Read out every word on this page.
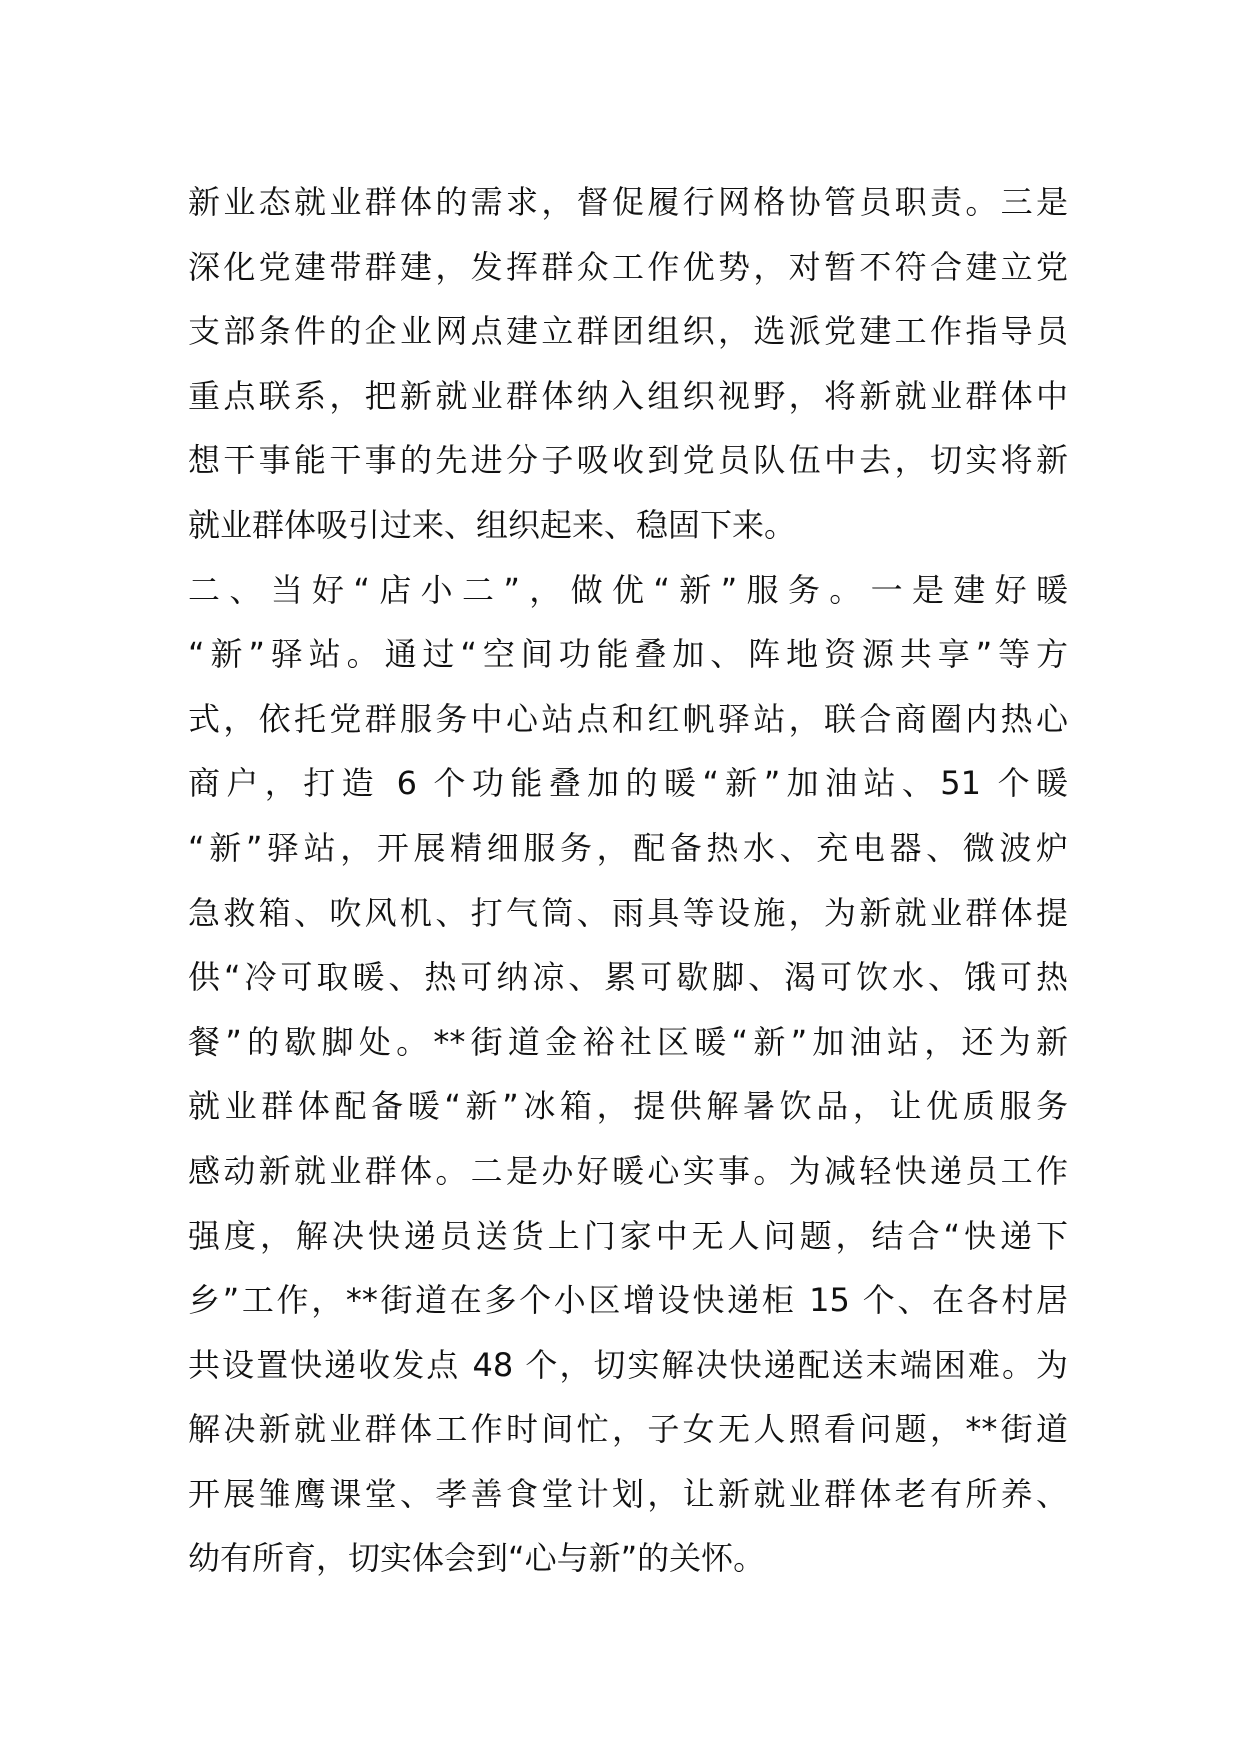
新业态就业群体的需求，督促履行网格协管员职责。三是
深化党建带群建，发挥群众工作优势，对暂不符合建立党
支部条件的企业网点建立群团组织，选派党建工作指导员
重点联系，把新就业群体纳入组织视野，将新就业群体中
想干事能干事的先进分子吸收到党员队伍中去，切实将新
就业群体吸引过来、组织起来、稳固下来。
二、当好“店小二”，做优“新”服务。一是建好暖
“新”驿站。通过“空间功能叠加、阵地资源共享”等方
式，依托党群服务中心站点和红帆驿站，联合商圈内热心
商户，打造 6 个功能叠加的暖“新”加油站、51 个暖
“新”驿站，开展精细服务，配备热水、充电器、微波炉
急救箱、吹风机、打气筒、雨具等设施，为新就业群体提
供“冷可取暖、热可纳凉、累可歇脚、渴可饮水、饿可热
餐”的歇脚处。**街道金裕社区暖“新”加油站，还为新
就业群体配备暖“新”冰箱，提供解暑饮品，让优质服务
感动新就业群体。二是办好暖心实事。为减轻快递员工作
强度，解决快递员送货上门家中无人问题，结合“快递下
乡”工作，**街道在多个小区增设快递柜 15 个、在各村居
共设置快递收发点 48 个，切实解决快递配送末端困难。为
解决新就业群体工作时间忙，子女无人照看问题，**街道
开展雏鹰课堂、孝善食堂计划，让新就业群体老有所养、
幼有所育，切实体会到“心与新”的关怀。
